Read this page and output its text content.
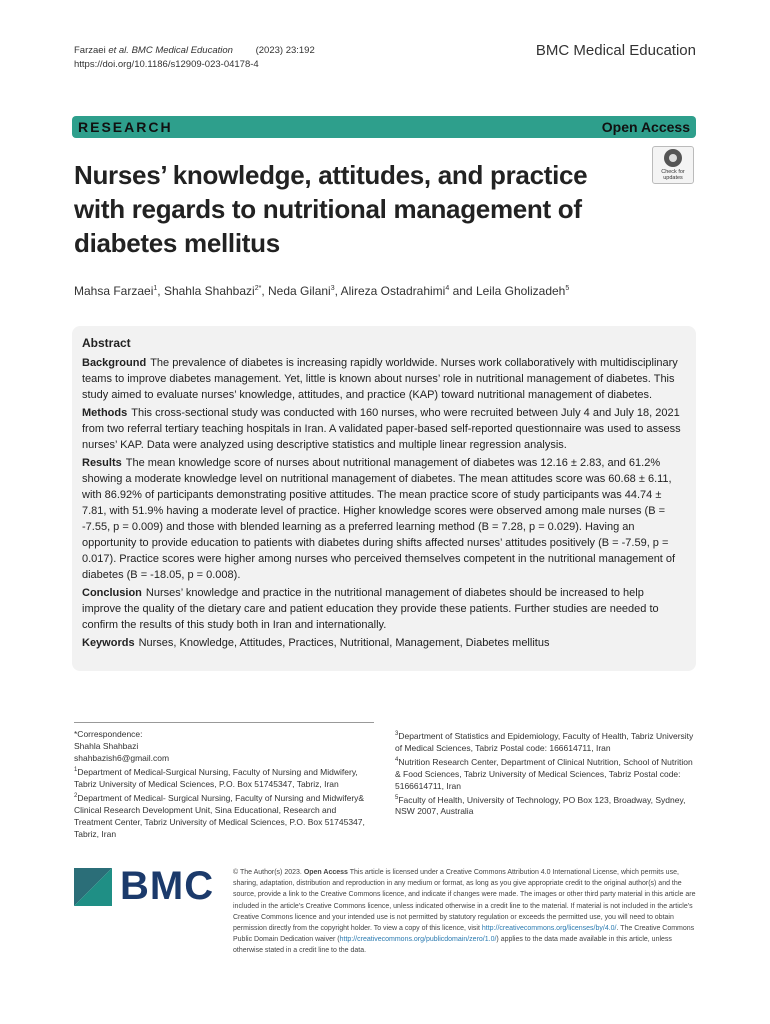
Farzaei et al. BMC Medical Education (2023) 23:192
https://doi.org/10.1186/s12909-023-04178-4
BMC Medical Education
RESEARCH	Open Access
Check for
updates
Nurses’ knowledge, attitudes, and practice with regards to nutritional management of diabetes mellitus
Mahsa Farzaei$^1$, Shahla Shahbazi$^{2*}$, Neda Gilani$^3$, Alireza Ostadrahimi$^4$ and Leila Gholizadeh$^5$
Abstract

Background The prevalence of diabetes is increasing rapidly worldwide. Nurses work collaboratively with multidisciplinary teams to improve diabetes management. Yet, little is known about nurses’ role in nutritional management of diabetes. This study aimed to evaluate nurses’ knowledge, attitudes, and practice (KAP) toward nutritional management of diabetes.

Methods This cross-sectional study was conducted with 160 nurses, who were recruited between July 4 and July 18, 2021 from two referral tertiary teaching hospitals in Iran. A validated paper-based self-reported questionnaire was used to assess nurses’ KAP. Data were analyzed using descriptive statistics and multiple linear regression analysis.

Results The mean knowledge score of nurses about nutritional management of diabetes was 12.16 ± 2.83, and 61.2% showing a moderate knowledge level on nutritional management of diabetes. The mean attitudes score was 60.68 ± 6.11, with 86.92% of participants demonstrating positive attitudes. The mean practice score of study participants was 44.74 ± 7.81, with 51.9% having a moderate level of practice. Higher knowledge scores were observed among male nurses (B = -7.55, p = 0.009) and those with blended learning as a preferred learning method (B = 7.28, p = 0.029). Having an opportunity to provide education to patients with diabetes during shifts affected nurses’ attitudes positively (B = -7.59, p = 0.017). Practice scores were higher among nurses who perceived themselves competent in the nutritional management of diabetes (B = -18.05, p = 0.008).

Conclusion Nurses’ knowledge and practice in the nutritional management of diabetes should be increased to help improve the quality of the dietary care and patient education they provide these patients. Further studies are needed to confirm the results of this study both in Iran and internationally.

Keywords Nurses, Knowledge, Attitudes, Practices, Nutritional, Management, Diabetes mellitus

*Correspondence:
Shahla Shahbazi
shahbazish6@gmail.com
$^1$Department of Medical-Surgical Nursing, Faculty of Nursing and Midwifery, Tabriz University of Medical Sciences, P.O. Box 51745347, Tabriz, Iran
$^2$Department of Medical- Surgical Nursing, Faculty of Nursing and Midwifery& Clinical Research Development Unit, Sina Educational, Research and Treatment Center, Tabriz University of Medical Sciences, P.O. Box 51745347, Tabriz, Iran
$^3$Department of Statistics and Epidemiology, Faculty of Health, Tabriz University of Medical Sciences, Tabriz Postal code: 166614711, Iran
$^4$Nutrition Research Center, Department of Clinical Nutrition, School of Nutrition & Food Sciences, Tabriz University of Medical Sciences, Tabriz Postal code: 5166614711, Iran
$^5$Faculty of Health, University of Technology, PO Box 123, Broadway, Sydney, NSW 2007, Australia
BMC	© The Author(s) 2023. Open Access This article is licensed under a Creative Commons Attribution 4.0 International License, which permits use, sharing, adaptation, distribution and reproduction in any medium or format, as long as you give appropriate credit to the original author(s) and the source, provide a link to the Creative Commons licence, and indicate if changes were made. The images or other third party material in this article are included in the article’s Creative Commons licence, unless indicated otherwise in a credit line to the material. If material is not included in the article’s Creative Commons licence and your intended use is not permitted by statutory regulation or exceeds the permitted use, you will need to obtain permission directly from the copyright holder. To view a copy of this licence, visit http://creativecommons.org/licenses/by/4.0/. The Creative Commons Public Domain Dedication waiver (http://creativecommons.org/publicdomain/zero/1.0/) applies to the data made available in this article, unless otherwise stated in a credit line to the data.
